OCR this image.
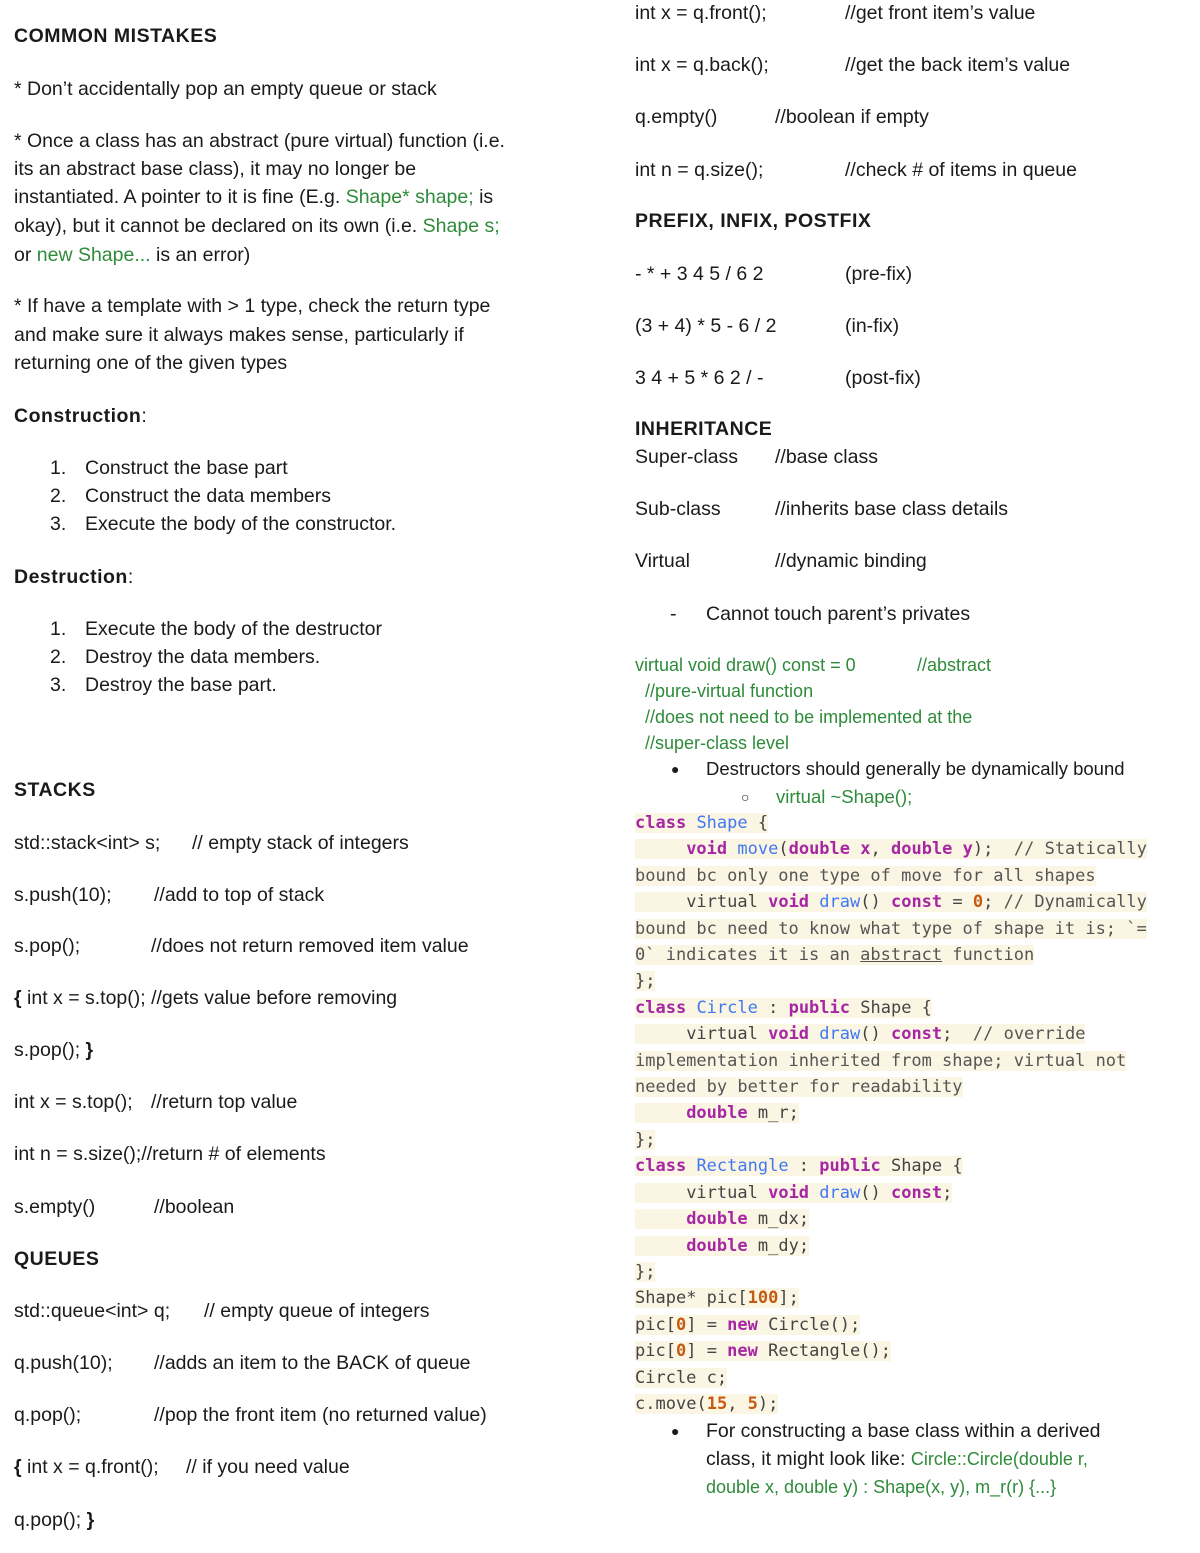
COMMON MISTAKES
* Don’t accidentally pop an empty queue or stack
* Once a class has an abstract (pure virtual) function (i.e.
its an abstract base class), it may no longer be
instantiated. A pointer to it is fine (E.g. Shape* shape; is
okay), but it cannot be declared on its own (i.e. Shape s;
or new Shape... is an error)
* If have a template with > 1 type, check the return type
and make sure it always makes sense, particularly if
returning one of the given types
Construction:
1. Construct the base part
2. Construct the data members
3. Execute the body of the constructor.
Destruction:
1. Execute the body of the destructor
2. Destroy the data members.
3. Destroy the base part.
STACKS
std::stack<int> s; // empty stack of integers
s.push(10); //add to top of stack
s.pop();	//does not return removed item value
{ int x = s.top(); //gets value before removing
s.pop(); }
int x = s.top(); //return top value
int n = s.size();//return # of elements
s.empty()	//boolean
QUEUES
std::queue<int> q; // empty queue of integers
q.push(10); //adds an item to the BACK of queue
q.pop();	//pop the front item (no returned value)
{ int x = q.front(); // if you need value
q.pop(); }
int x = q.front();	//get front item’s value
int x = q.back();	//get the back item’s value
q.empty()	//boolean if empty
int n = q.size();	//check # of items in queue
PREFIX, INFIX, POSTFIX
- * + 3 4 5 / 6 2	(pre-fix)
(3 + 4) * 5 - 6 / 2	(in-fix)
3 4 + 5 * 6 2 / -	(post-fix)
INHERITANCE
Super-class //base class
Sub-class	//inherits base class details
Virtual	//dynamic binding
- Cannot touch parent’s privates
virtual void draw() const = 0	//abstract
//pure-virtual function
//does not need to be implemented at the
//super-class level
● Destructors should generally be dynamically bound
○ virtual ~Shape();
class Shape {
void move(double x, double y);  // Statically
bound bc only one type of move for all shapes
virtual void draw() const = 0; // Dynamically
bound bc need to know what type of shape it is; `=
0` indicates it is an abstract function
};
class Circle : public Shape {
virtual void draw() const;  // override
implementation inherited from shape; virtual not
needed by better for readability
double m_r;
};
class Rectangle : public Shape {
virtual void draw() const;
double m_dx;
double m_dy;
};
Shape* pic[100];
pic[0] = new Circle();
pic[0] = new Rectangle();
Circle c;
c.move(15, 5);
● For constructing a base class within a derived
class, it might look like: Circle::Circle(double r,
double x, double y) : Shape(x, y), m_r(r) {...}
